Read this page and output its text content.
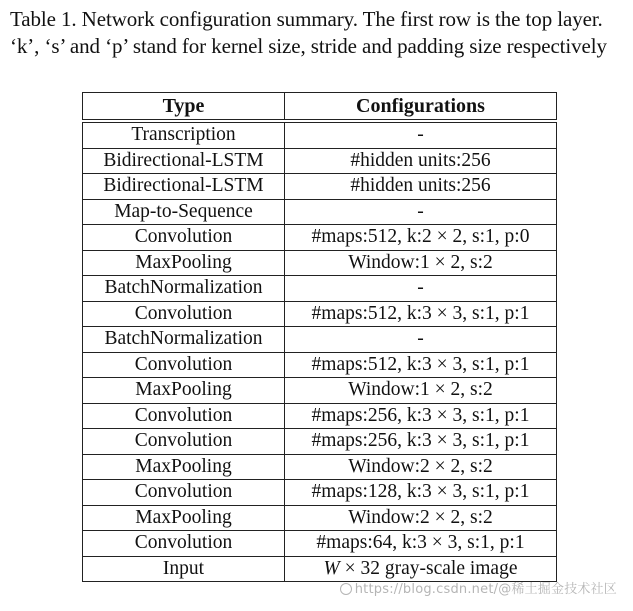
Table 1. Network configuration summary. The first row is the top layer. ‘k’, ‘s’ and ‘p’ stand for kernel size, stride and padding size respectively
Type	Configurations
Transcription	-
Bidirectional-LSTM	#hidden units:256
Bidirectional-LSTM	#hidden units:256
Map-to-Sequence	-
Convolution	#maps:512, k:2 × 2, s:1, p:0
MaxPooling	Window:1 × 2, s:2
BatchNormalization	-
Convolution	#maps:512, k:3 × 3, s:1, p:1
BatchNormalization	-
Convolution	#maps:512, k:3 × 3, s:1, p:1
MaxPooling	Window:1 × 2, s:2
Convolution	#maps:256, k:3 × 3, s:1, p:1
Convolution	#maps:256, k:3 × 3, s:1, p:1
MaxPooling	Window:2 × 2, s:2
Convolution	#maps:128, k:3 × 3, s:1, p:1
MaxPooling	Window:2 × 2, s:2
Convolution	#maps:64, k:3 × 3, s:1, p:1
Input	W × 32 gray-scale image
https://blog.csdn.net/@稀土掘金技术社区
